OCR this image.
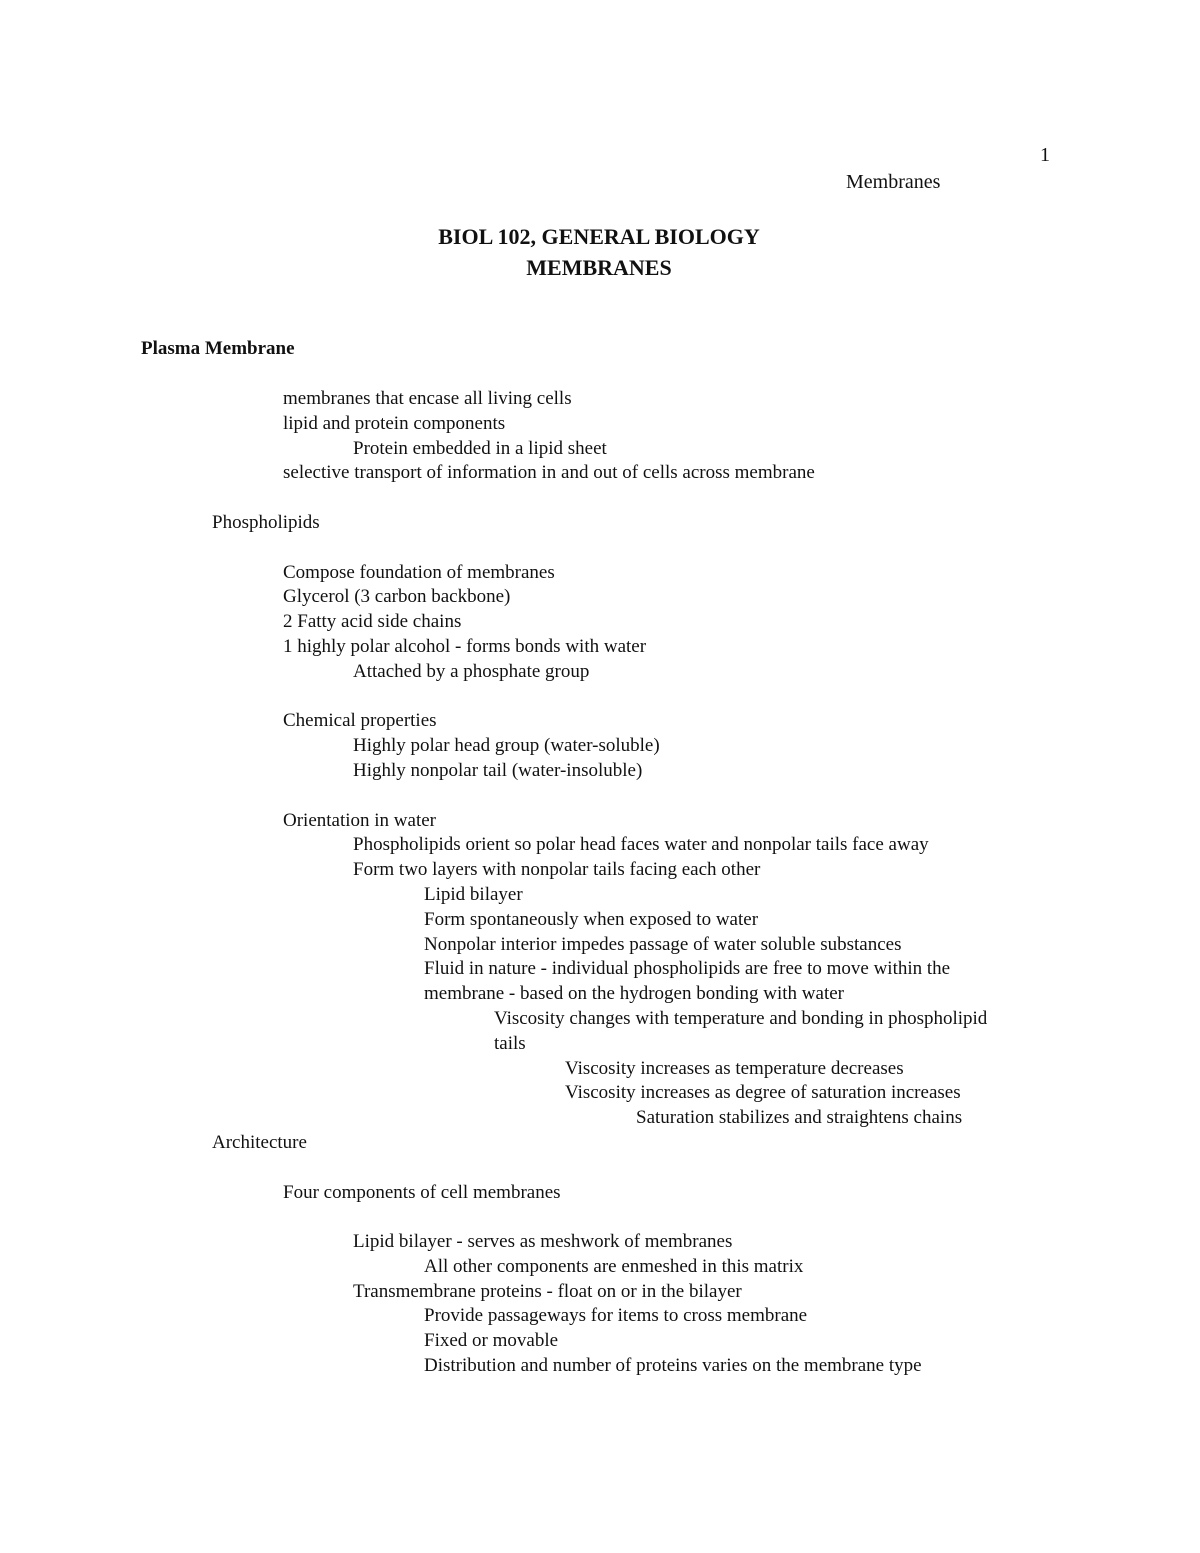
1
Membranes
BIOL 102, GENERAL BIOLOGY
MEMBRANES
Plasma Membrane
membranes that encase all living cells
lipid and protein components
Protein embedded in a lipid sheet
selective transport of information in and out of cells across membrane
Phospholipids
Compose foundation of membranes
Glycerol (3 carbon backbone)
2 Fatty acid side chains
1 highly polar alcohol - forms bonds with water
Attached by a phosphate group
Chemical properties
Highly polar head group (water-soluble)
Highly nonpolar tail (water-insoluble)
Orientation in water
Phospholipids orient so polar head faces water and nonpolar tails face away
Form two layers with nonpolar tails facing each other
Lipid bilayer
Form spontaneously when exposed to water
Nonpolar interior impedes passage of water soluble substances
Fluid in nature - individual phospholipids are free to move within the
membrane - based on the hydrogen bonding with water
Viscosity changes with temperature and bonding in phospholipid
tails
Viscosity increases as temperature decreases
Viscosity increases as degree of saturation increases
Saturation stabilizes and straightens chains
Architecture
Four components of cell membranes
Lipid bilayer - serves as meshwork of membranes
All other components are enmeshed in this matrix
Transmembrane proteins - float on or in the bilayer
Provide passageways for items to cross membrane
Fixed or movable
Distribution and number of proteins varies on the membrane type
